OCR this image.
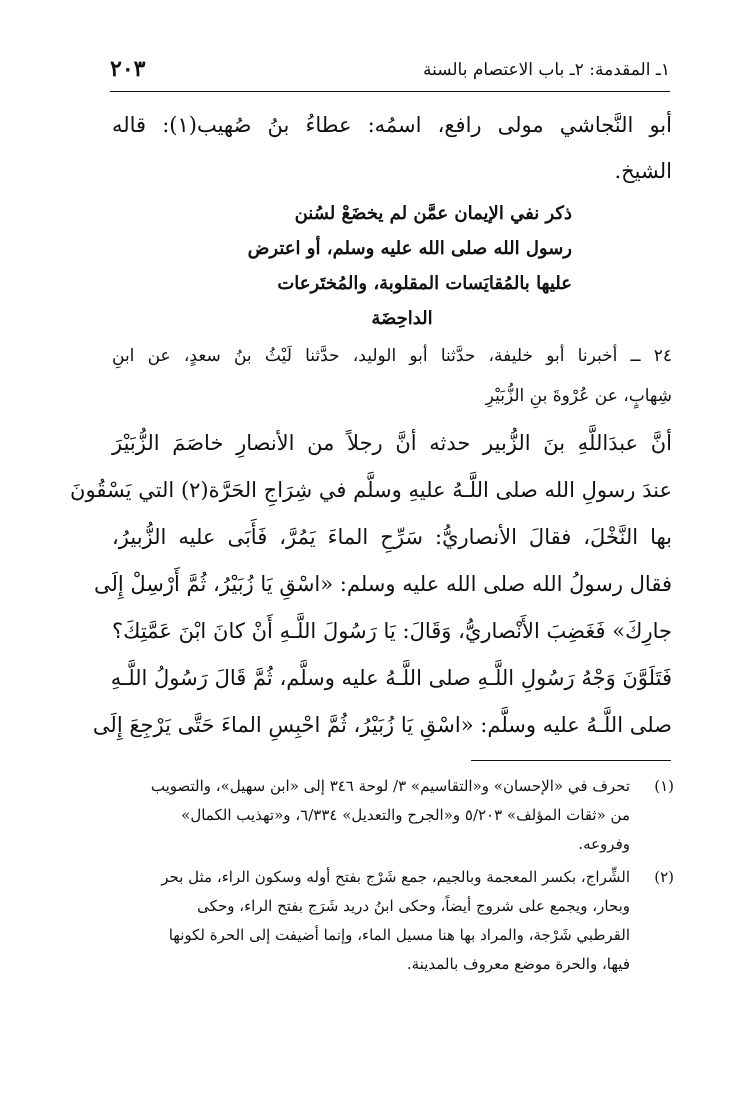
١ـ المقدمة: ٢ـ باب الاعتصام بالسنة
٢٠٣
أبو النَّجاشي مولى رافع، اسمُه: عطاءُ بنُ صُهيب(١): قاله
الشيخ.
ذكر نفي الإيمان عمَّن لم يخضَعْ لسُنن
رسول الله صلى الله عليه وسلم، أو اعترض
عليها بالمُقايَسات المقلوبة، والمُختَرعات
الداحِضَة
٢٤ ــ أخبرنا أبو خليفة، حدَّثنا أبو الوليد، حدَّثنا لَيْثُ بنُ سعدٍ، عن ابنِ
شِهابٍ، عن عُرْوةَ بنِ الزُّبَيْرِ
أنَّ عبدَاللَّهِ بنَ الزُّبير حدثه أنَّ رجلاً من الأنصارِ خاصَمَ الزُّبَيْرَ
عندَ رسولِ الله صلى اللَّـهُ عليهِ وسلَّم في شِرَاجِ الحَرَّة(٢) التي يَسْقُونَ
بها النَّخْلَ، فقالَ الأنصاريُّ: سَرِّحِ الماءَ يَمُرَّ، فَأَبَى عليه الزُّبيرُ،
فقال رسولُ الله صلى الله عليه وسلم: «اسْقِ يَا زُبَيْرُ، ثُمَّ أَرْسِلْ إِلَى
جارِكَ» فَغَضِبَ الأَنْصاريُّ، وَقَالَ: يَا رَسُولَ اللَّـهِ أَنْ كانَ ابْنَ عَمَّتِكَ؟
فَتَلَوَّنَ وَجْهُ رَسُولِ اللَّـهِ صلى اللَّـهُ عليه وسلَّم، ثُمَّ قَالَ رَسُولُ اللَّـهِ
صلى اللَّـهُ عليه وسلَّم: «اسْقِ يَا زُبَيْرُ، ثُمَّ احْبِسِ الماءَ حَتَّى يَرْجِعَ إِلَى
(١)
تحرف في «الإحسان» و«التقاسيم» ٣/ لوحة ٣٤٦ إلى «ابن سهيل»، والتصويب
من «ثقات المؤلف» ٥/٢٠٣ و«الجرح والتعديل» ٦/٣٣٤، و«تهذيب الكمال»
وفروعه.
(٢)
الشِّراج، بكسر المعجمة وبالجيم، جمع شَرْج بفتح أوله وسكون الراء، مثل بحر
وبحار، ويجمع على شروج أيضاً، وحكى ابنُ دريد شَرَج بفتح الراء، وحكى
القرطبي شَرْجة، والمراد بها هنا مسيل الماء، وإنما أضيفت إلى الحرة لكونها
فيها، والحرة موضع معروف بالمدينة.
